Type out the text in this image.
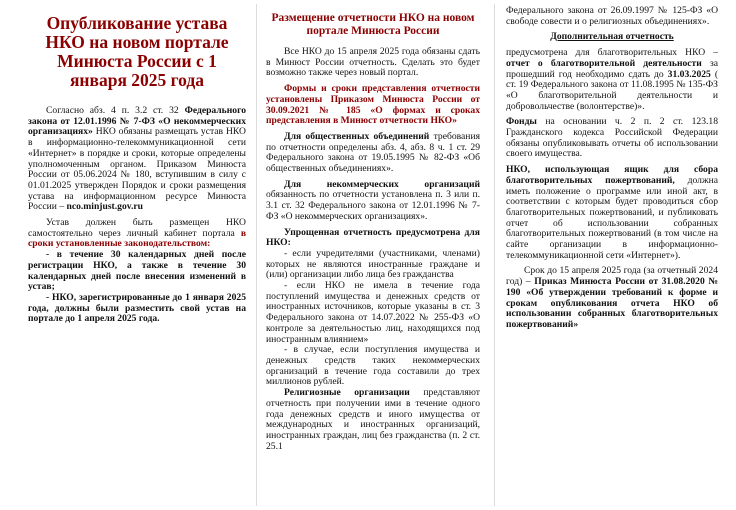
Опубликование устава НКО на новом портале Минюста России с 1 января 2025 года

Согласно абз. 4 п. 3.2 ст. 32 Федерального закона от 12.01.1996 № 7-ФЗ «О некоммерческих организациях» НКО обязаны размещать устав НКО в информационно-телекоммуникационной сети «Интернет» в порядке и сроки, которые определены уполномоченным органом. Приказом Минюста России от 05.06.2024 № 180, вступившим в силу с 01.01.2025 утвержден Порядок и сроки размещения устава на информационном ресурсе Минюста России – nco.minjust.gov.ru

Устав должен быть размещен НКО самостоятельно через личный кабинет портала в сроки установленные законодательством:

- в течение 30 календарных дней после регистрации НКО, а также в течение 30 календарных дней после внесения изменений в устав;

- НКО, зарегистрированные до 1 января 2025 года, должны были разместить свой устав на портале до 1 апреля 2025 года.

Размещение отчетности НКО на новом портале Минюста России

Все НКО до 15 апреля 2025 года обязаны сдать в Минюст России отчетность. Сделать это будет возможно также через новый портал.

Формы и сроки представления отчетности установлены Приказом Минюста России от 30.09.2021 № 185 «О формах и сроках представления в Минюст отчетности НКО»

Для общественных объединений требования по отчетности определены абз. 4, абз. 8 ч. 1 ст. 29 Федерального закона от 19.05.1995 № 82-ФЗ «Об общественных объединениях».

Для некоммерческих организаций обязанность по отчетности установлена п. 3 или п. 3.1 ст. 32 Федерального закона от 12.01.1996 № 7-ФЗ «О некоммерческих организациях».

Упрощенная отчетность предусмотрена для НКО:

- если учредителями (участниками, членами) которых не являются иностранные граждане и (или) организации либо лица без гражданства

- если НКО не имела в течение года поступлений имущества и денежных средств от иностранных источников, которые указаны в ст. 3 Федерального закона от 14.07.2022 № 255-ФЗ «О контроле за деятельностью лиц, находящихся под иностранным влиянием»

- в случае, если поступления имущества и денежных средств таких некоммерческих организаций в течение года составили до трех миллионов рублей.

Религиозные организации представляют отчетность при получении ими в течение одного года денежных средств и иного имущества от международных и иностранных организаций, иностранных граждан, лиц без гражданства (п. 2 ст. 25.1

Федерального закона от 26.09.1997 № 125-ФЗ «О свободе совести и о религиозных объединениях».

Дополнительная отчетность

предусмотрена для благотворительных НКО – отчет о благотворительной деятельности за прошедший год необходимо сдать до 31.03.2025 ( ст. 19 Федерального закона от 11.08.1995 № 135-ФЗ «О благотворительной деятельности и добровольчестве (волонтерстве)».

Фонды на основании ч. 2 п. 2 ст. 123.18 Гражданского кодекса Российской Федерации обязаны опубликовывать отчеты об использовании своего имущества.

НКО, использующая ящик для сбора благотворительных пожертвований, должна иметь положение о программе или иной акт, в соответствии с которым будет проводиться сбор благотворительных пожертвований, и публиковать отчет об использовании собранных благотворительных пожертвований (в том числе на сайте организации в информационно-телекоммуникационной сети «Интернет»).

Срок до 15 апреля 2025 года (за отчетный 2024 год) – Приказ Минюста России от 31.08.2020 № 190 «Об утверждении требований к форме и срокам опубликования отчета НКО об использовании собранных благотворительных пожертвований»
